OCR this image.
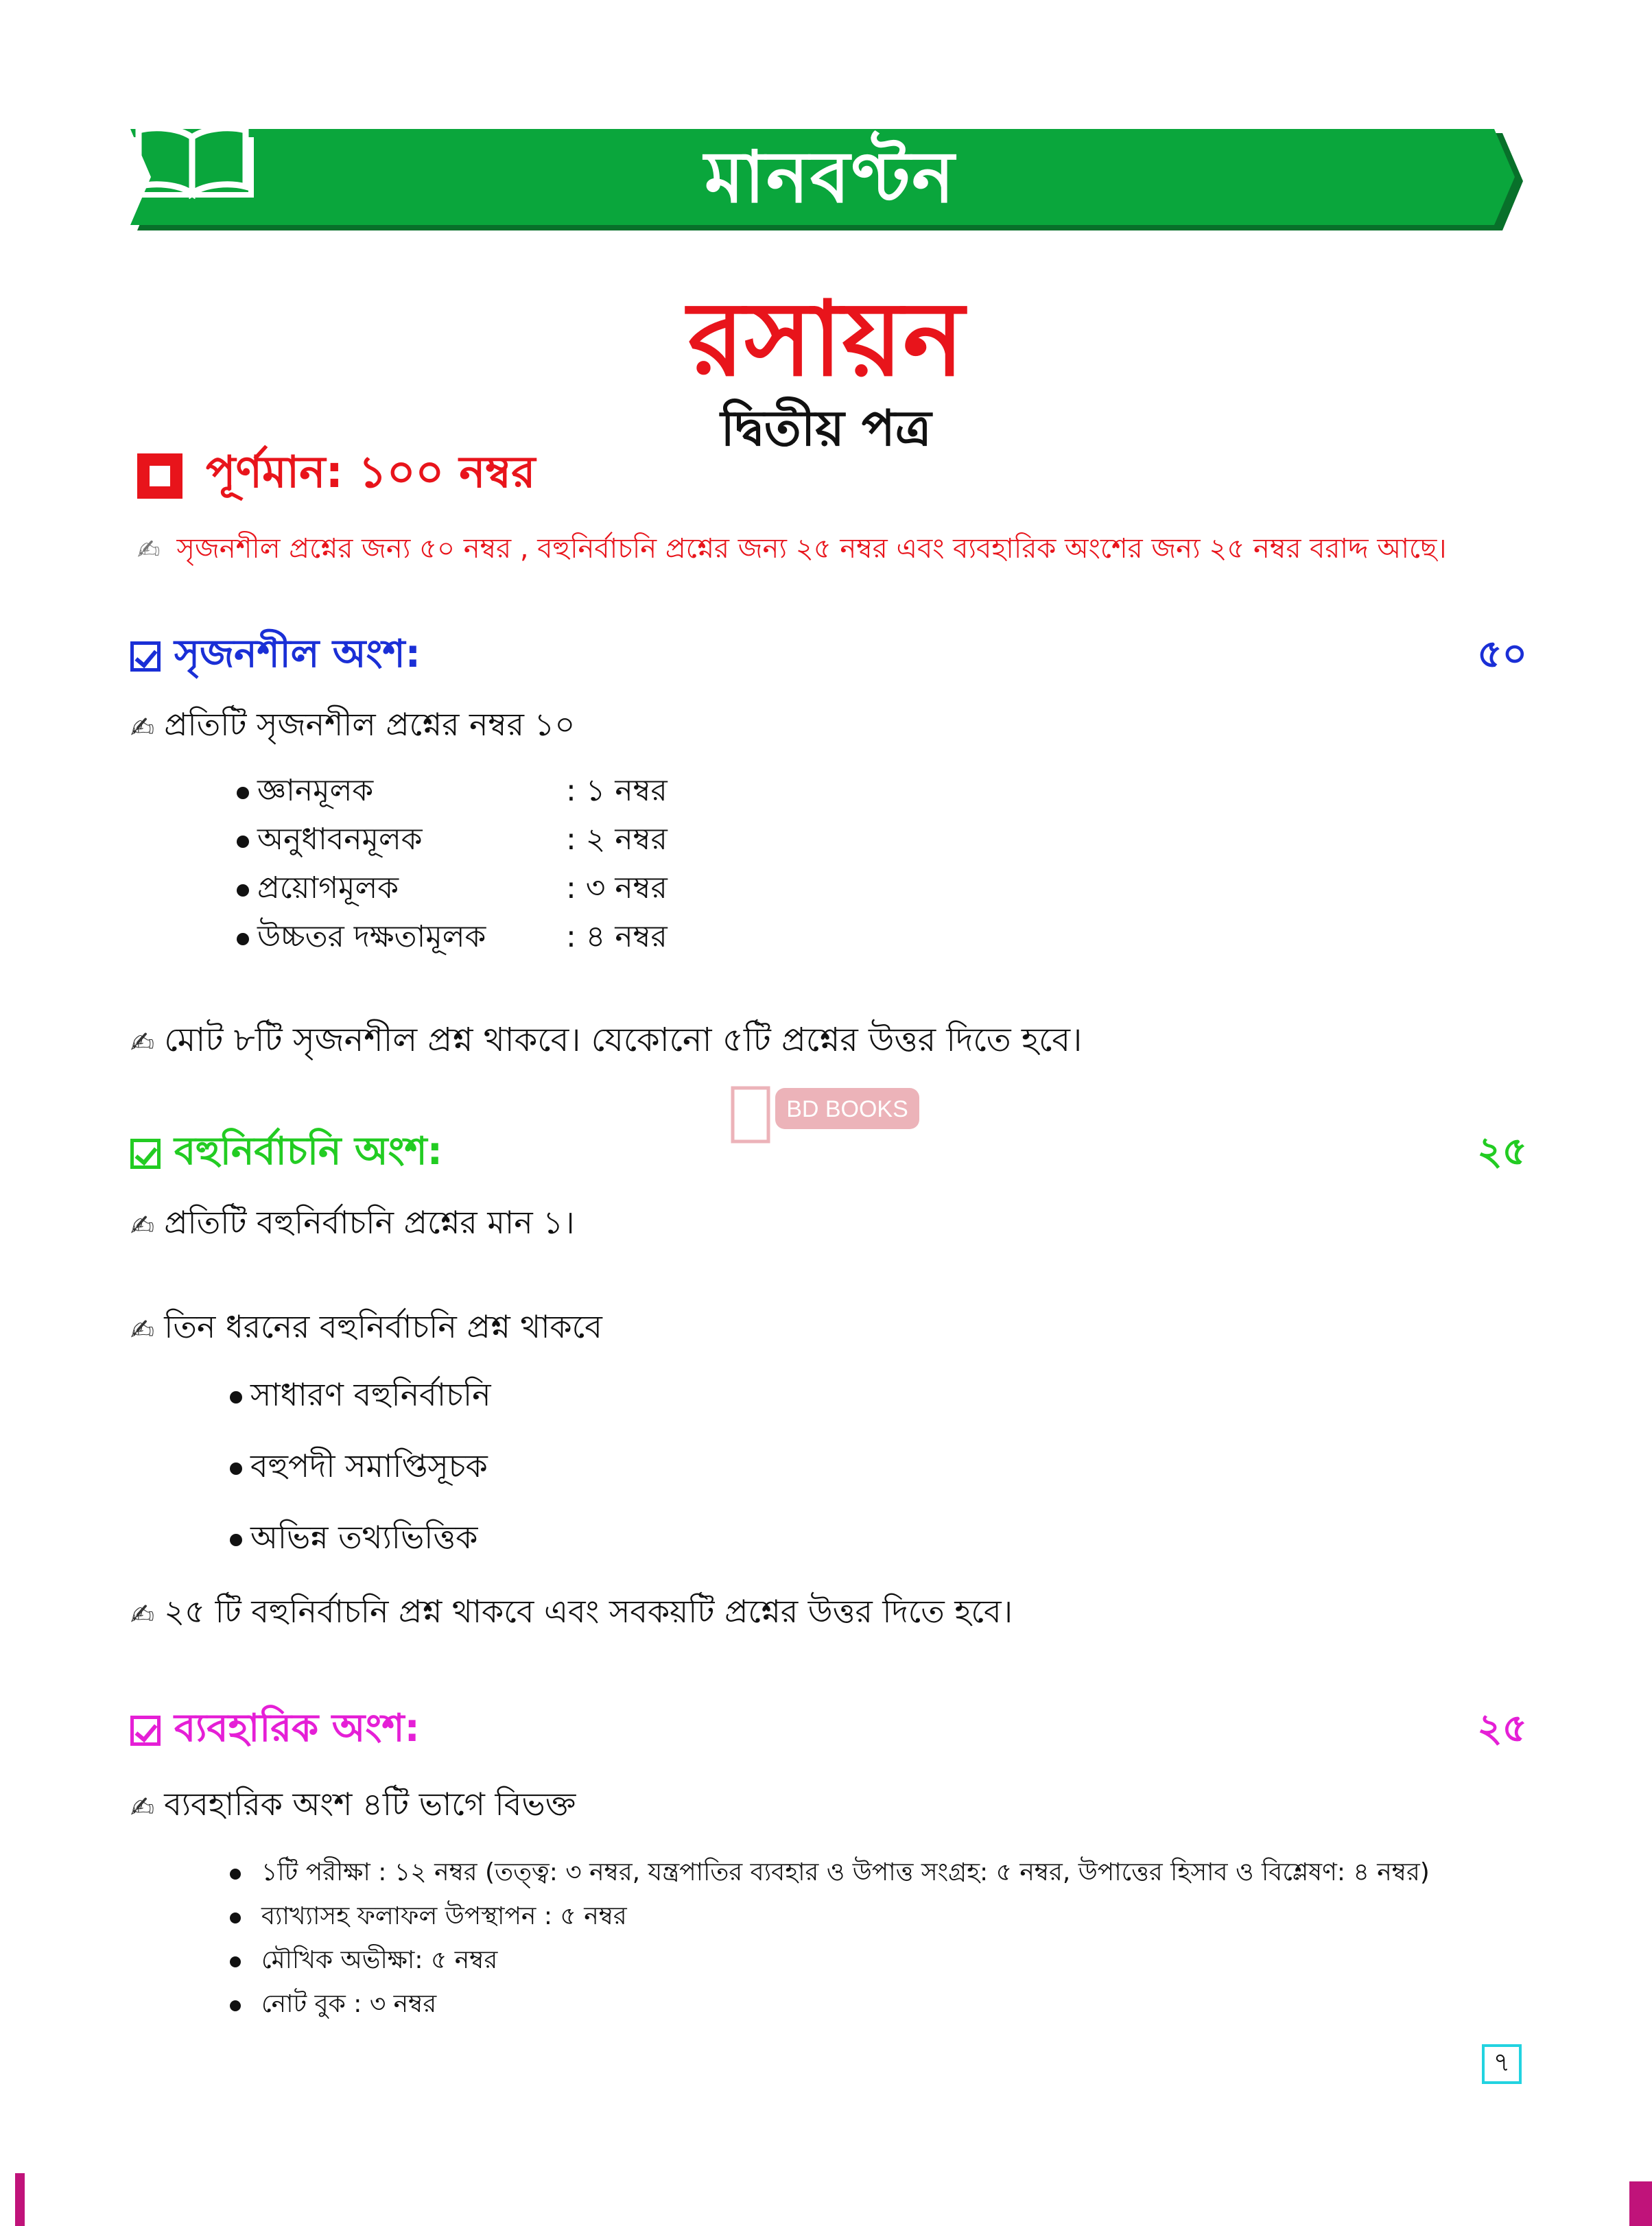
মানবণ্টন
রসায়ন
দ্বিতীয় পত্র
পূর্ণমান: ১০০ নম্বর
✍ সৃজনশীল প্রশ্নের জন্য ৫০ নম্বর , বহুনির্বাচনি প্রশ্নের জন্য ২৫ নম্বর এবং ব্যবহারিক অংশের জন্য ২৫ নম্বর বরাদ্দ আছে।
সৃজনশীল অংশ:	৫০
✍ প্রতিটি সৃজনশীল প্রশ্নের নম্বর ১০
জ্ঞানমূলক	: ১ নম্বর
অনুধাবনমূলক	: ২ নম্বর
প্রয়োগমূলক	: ৩ নম্বর
উচ্চতর দক্ষতামূলক	: ৪ নম্বর
✍ মোট ৮টি সৃজনশীল প্রশ্ন থাকবে। যেকোনো ৫টি প্রশ্নের উত্তর দিতে হবে।
BD BOOKS
বহুনির্বাচনি অংশ:	২৫
✍ প্রতিটি বহুনির্বাচনি প্রশ্নের মান ১।
✍ তিন ধরনের বহুনির্বাচনি প্রশ্ন থাকবে
সাধারণ বহুনির্বাচনি
বহুপদী সমাপ্তিসূচক
অভিন্ন তথ্যভিত্তিক
✍ ২৫ টি বহুনির্বাচনি প্রশ্ন থাকবে এবং সবকয়টি প্রশ্নের উত্তর দিতে হবে।
ব্যবহারিক অংশ:	২৫
✍ ব্যবহারিক অংশ ৪টি ভাগে বিভক্ত
১টি পরীক্ষা : ১২ নম্বর (তত্ত্ব: ৩ নম্বর, যন্ত্রপাতির ব্যবহার ও উপাত্ত সংগ্রহ: ৫ নম্বর, উপাত্তের হিসাব ও বিশ্লেষণ: ৪ নম্বর)
ব্যাখ্যাসহ ফলাফল উপস্থাপন : ৫ নম্বর
মৌখিক অভীক্ষা: ৫ নম্বর
নোট বুক : ৩ নম্বর
৭
